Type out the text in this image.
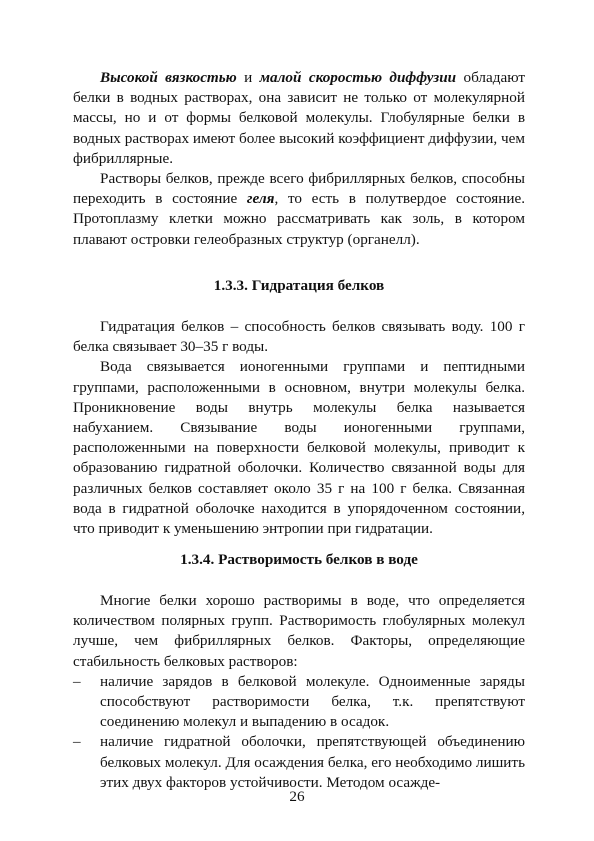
Высокой вязкостью и малой скоростью диффузии обладают белки в водных растворах, она зависит не только от молекулярной массы, но и от формы белковой молекулы. Глобулярные белки в водных растворах имеют более высокий коэффициент диффузии, чем фибриллярные.

Растворы белков, прежде всего фибриллярных белков, способны переходить в состояние геля, то есть в полутвердое состояние. Протоплазму клетки можно рассматривать как золь, в котором плавают островки гелеобразных структур (органелл).

1.3.3. Гидратация белков

Гидратация белков – способность белков связывать воду. 100 г белка связывает 30–35 г воды.

Вода связывается ионогенными группами и пептидными группами, расположенными в основном, внутри молекулы белка. Проникновение воды внутрь молекулы белка называется набуханием. Связывание воды ионогенными группами, расположенными на поверхности белковой молекулы, приводит к образованию гидратной оболочки. Количество связанной воды для различных белков составляет около 35 г на 100 г белка. Связанная вода в гидратной оболочке находится в упорядоченном состоянии, что приводит к уменьшению энтропии при гидратации.

1.3.4. Растворимость белков в воде

Многие белки хорошо растворимы в воде, что определяется количеством полярных групп. Растворимость глобулярных молекул лучше, чем фибриллярных белков. Факторы, определяющие стабильность белковых растворов:

– наличие зарядов в белковой молекуле. Одноименные заряды способствуют растворимости белка, т.к. препятствуют соединению молекул и выпадению в осадок.
– наличие гидратной оболочки, препятствующей объединению белковых молекул. Для осаждения белка, его необходимо лишить этих двух факторов устойчивости. Методом осажде-
26
